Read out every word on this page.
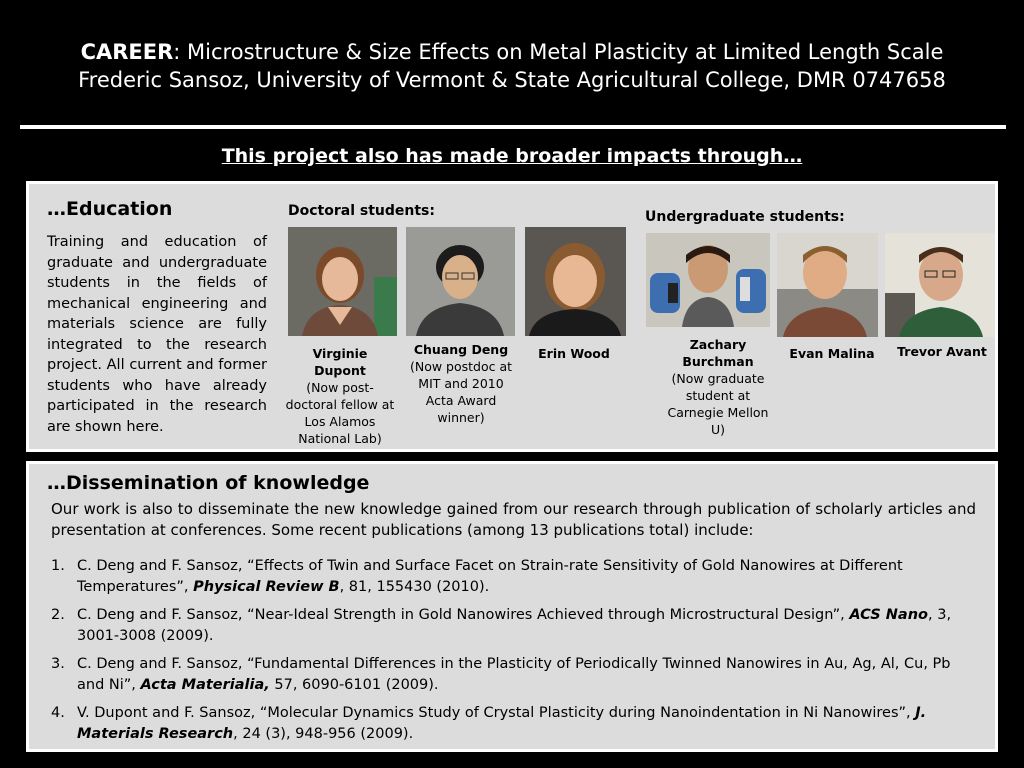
CAREER: Microstructure & Size Effects on Metal Plasticity at Limited Length Scale
Frederic Sansoz, University of Vermont & State Agricultural College, DMR 0747658
This project also has made broader impacts through…
…Education
Training and education of graduate and undergraduate students in the fields of mechanical engineering and materials science are fully integrated to the research project. All current and former students who have already participated in the research are shown here.
Doctoral students:	Undergraduate students:
Virginie Dupont
(Now post-doctoral fellow at Los Alamos National Lab)
Chuang Deng
(Now postdoc at MIT and 2010 Acta Award winner)
Erin Wood
Zachary Burchman
(Now graduate student at Carnegie Mellon U)
Evan Malina	Trevor Avant
…Dissemination of knowledge
Our work is also to disseminate the new knowledge gained from our research through publication of scholarly articles and presentation at conferences. Some recent publications (among 13 publications total) include:
1. C. Deng and F. Sansoz, “Effects of Twin and Surface Facet on Strain-rate Sensitivity of Gold Nanowires at Different Temperatures”, Physical Review B, 81, 155430 (2010).
2. C. Deng and F. Sansoz, “Near-Ideal Strength in Gold Nanowires Achieved through Microstructural Design”, ACS Nano, 3, 3001-3008 (2009).
3. C. Deng and F. Sansoz, “Fundamental Differences in the Plasticity of Periodically Twinned Nanowires in Au, Ag, Al, Cu, Pb and Ni”, Acta Materialia, 57, 6090-6101 (2009).
4. V. Dupont and F. Sansoz, “Molecular Dynamics Study of Crystal Plasticity during Nanoindentation in Ni Nanowires”, J. Materials Research, 24 (3), 948-956 (2009).
